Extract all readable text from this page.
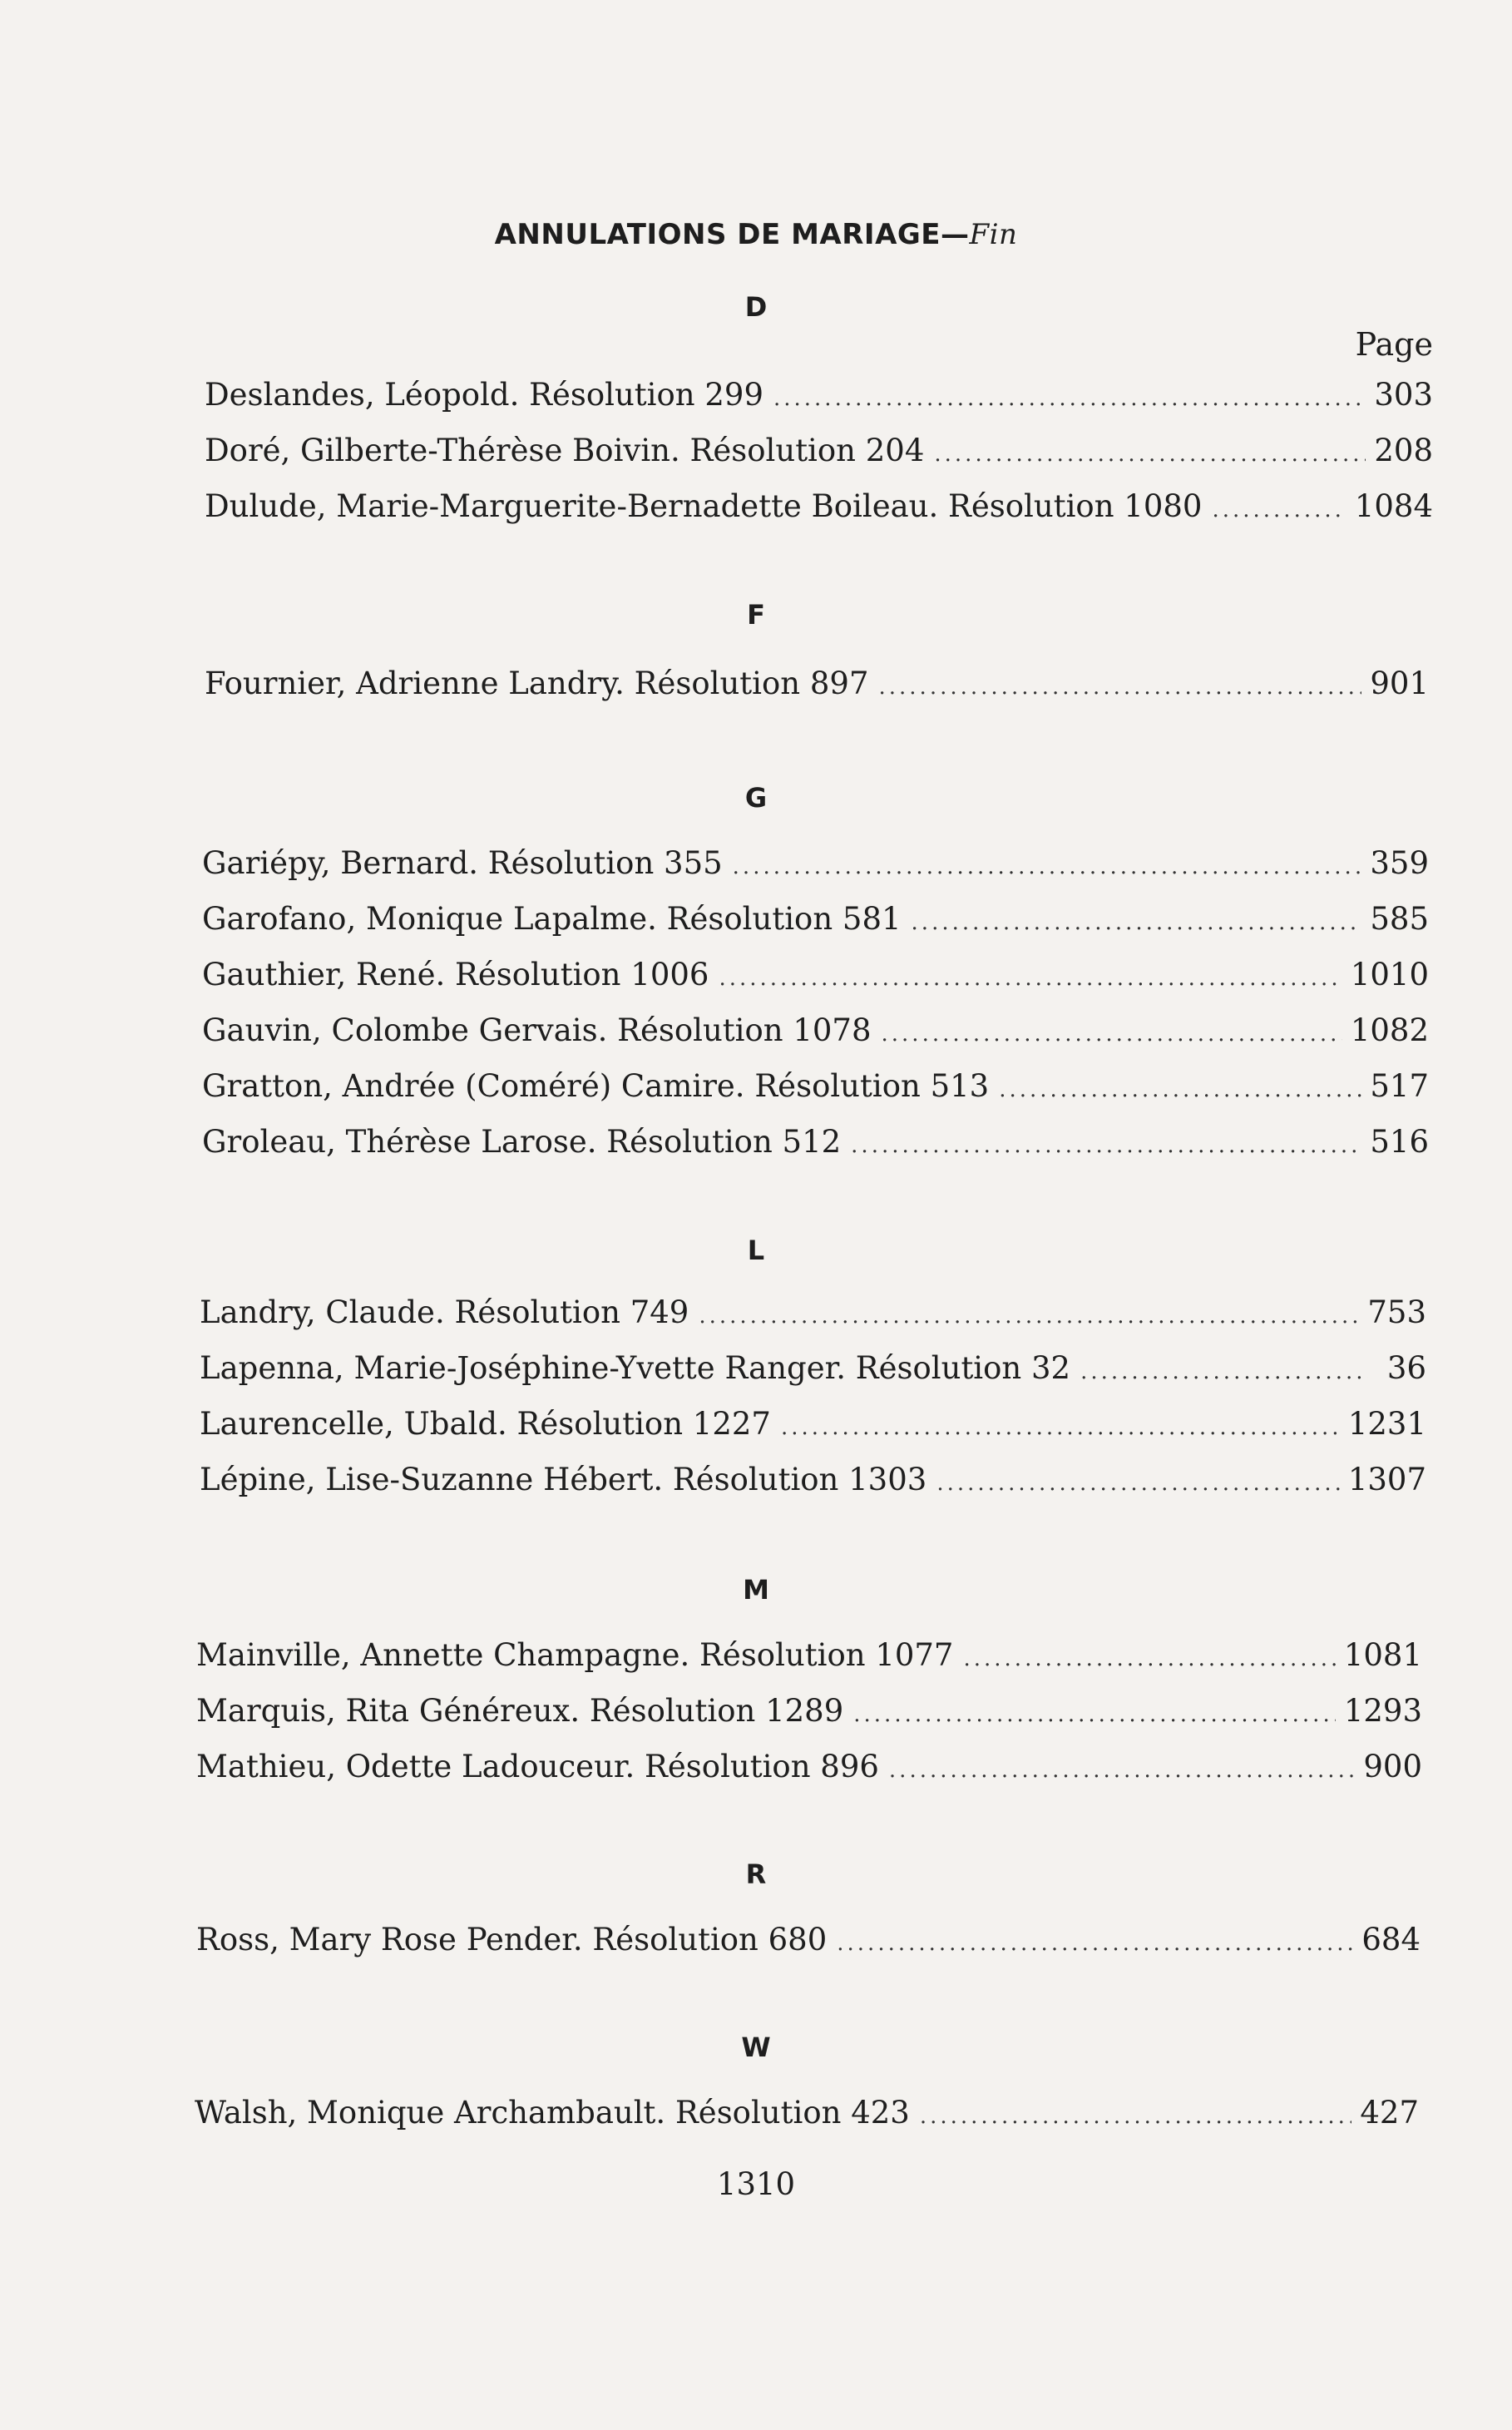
ANNULATIONS DE MARIAGE—Fin
Page
D
Deslandes, Léopold. Résolution 299 .....	303
Doré, Gilberte-Thérèse Boivin. Résolution 204 .....	208
Dulude, Marie-Marguerite-Bernadette Boileau. Résolution 1080 .....	1084
F
Fournier, Adrienne Landry. Résolution 897 .....	901
G
Gariépy, Bernard. Résolution 355 .....	359
Garofano, Monique Lapalme. Résolution 581 .....	585
Gauthier, René. Résolution 1006 .....	1010
Gauvin, Colombe Gervais. Résolution 1078 .....	1082
Gratton, Andrée (Coméré) Camire. Résolution 513 .....	517
Groleau, Thérèse Larose. Résolution 512 .....	516
L
Landry, Claude. Résolution 749 .....	753
Lapenna, Marie-Joséphine-Yvette Ranger. Résolution 32 .....	36
Laurencelle, Ubald. Résolution 1227 .....	1231
Lépine, Lise-Suzanne Hébert. Résolution 1303 .....	1307
M
Mainville, Annette Champagne. Résolution 1077 .....	1081
Marquis, Rita Généreux. Résolution 1289 .....	1293
Mathieu, Odette Ladouceur. Résolution 896 .....	900
R
Ross, Mary Rose Pender. Résolution 680 .....	684
W
Walsh, Monique Archambault. Résolution 423 .....	427
1310
